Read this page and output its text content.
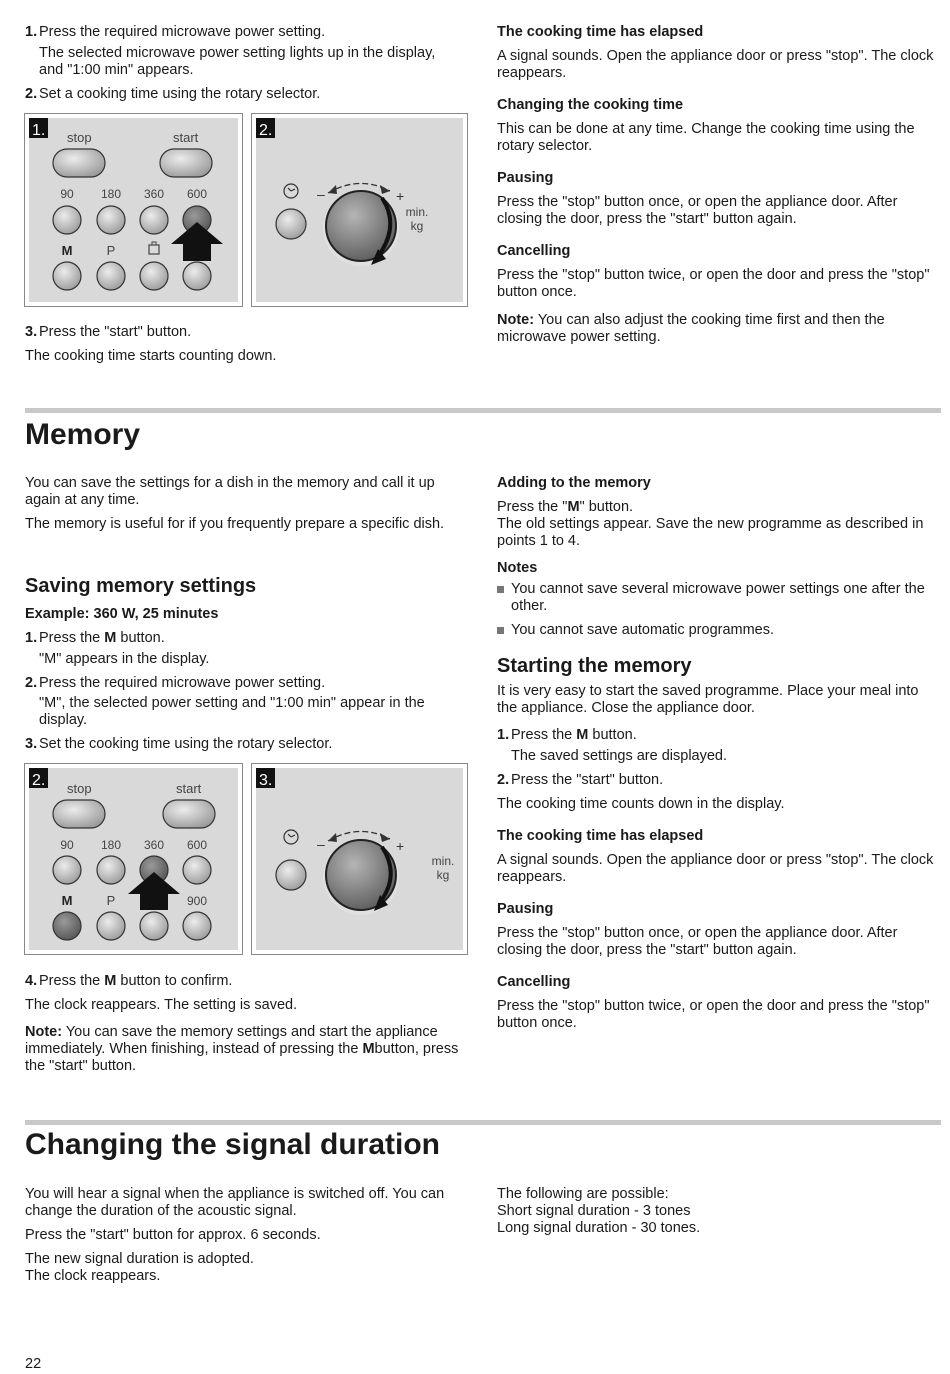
1. Press the required microwave power setting.
The selected microwave power setting lights up in the display, and "1:00 min" appears.
2. Set a cooking time using the rotary selector.
1.	2.
stop	start
90 180 360 600
M	P
–	+
min.
kg
3. Press the "start" button.
The cooking time starts counting down.
The cooking time has elapsed

A signal sounds. Open the appliance door or press "stop". The clock reappears.

Changing the cooking time

This can be done at any time. Change the cooking time using the rotary selector.

Pausing

Press the "stop" button once, or open the appliance door. After closing the door, press the "start" button again.

Cancelling

Press the "stop" button twice, or open the door and press the "stop" button once.

Note: You can also adjust the cooking time first and then the microwave power setting.

Memory

You can save the settings for a dish in the memory and call it up again at any time.

The memory is useful for if you frequently prepare a specific dish.

Saving memory settings
Example: 360 W, 25 minutes
1. Press the M button.
"M" appears in the display.
2. Press the required microwave power setting.
"M", the selected power setting and "1:00 min" appear in the display.
3. Set the cooking time using the rotary selector.
2.	3.
stop	start
90 180 360 600
M	P	900
–	+
min.
kg
4. Press the M button to confirm.
The clock reappears. The setting is saved.

Note: You can save the memory settings and start the appliance immediately. When finishing, instead of pressing the Mbutton, press the "start" button.

Adding to the memory

Press the "M" button.

The old settings appear. Save the new programme as described in points 1 to 4.

Notes
You cannot save several microwave power settings one after the other.
You cannot save automatic programmes.
Starting the memory

It is very easy to start the saved programme. Place your meal into the appliance. Close the appliance door.

1. Press the M button.
The saved settings are displayed.
2. Press the "start" button.
The cooking time counts down in the display.
The cooking time has elapsed

A signal sounds. Open the appliance door or press "stop". The clock reappears.

Pausing

Press the "stop" button once, or open the appliance door. After closing the door, press the "start" button again.

Cancelling

Press the "stop" button twice, or open the door and press the "stop" button once.

Changing the signal duration

You will hear a signal when the appliance is switched off. You can change the duration of the acoustic signal.

Press the "start" button for approx. 6 seconds.

The new signal duration is adopted.

The clock reappears.

The following are possible:

Short signal duration - 3 tones

Long signal duration - 30 tones.

22
